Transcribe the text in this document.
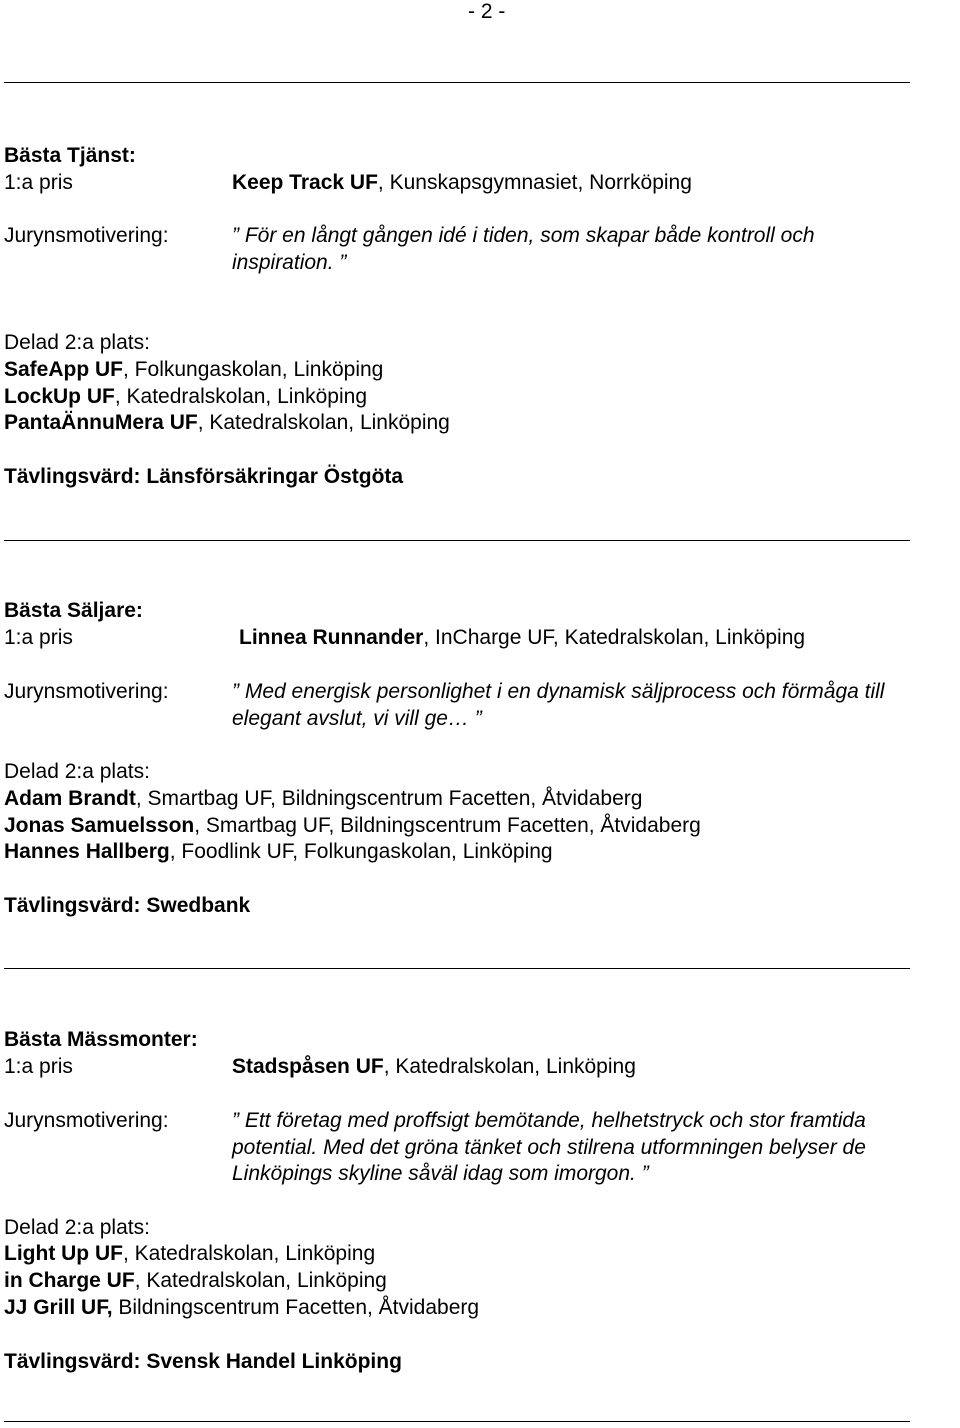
- 2 -
Bästa Tjänst:
1:a pris	Keep Track UF, Kunskapsgymnasiet, Norrköping
Jurynsmotivering:	” För en långt gången idé i tiden, som skapar både kontroll och
inspiration. ”
Delad 2:a plats:
SafeApp UF, Folkungaskolan, Linköping
LockUp UF, Katedralskolan, Linköping
PantaÄnnuMera UF, Katedralskolan, Linköping
Tävlingsvärd: Länsförsäkringar Östgöta
Bästa Säljare:
1:a pris	Linnea Runnander, InCharge UF, Katedralskolan, Linköping
Jurynsmotivering:	” Med energisk personlighet i en dynamisk säljprocess och förmåga till
elegant avslut, vi vill ge… ”
Delad 2:a plats:
Adam Brandt, Smartbag UF, Bildningscentrum Facetten, Åtvidaberg
Jonas Samuelsson, Smartbag UF, Bildningscentrum Facetten, Åtvidaberg
Hannes Hallberg, Foodlink UF, Folkungaskolan, Linköping
Tävlingsvärd: Swedbank
Bästa Mässmonter:
1:a pris	Stadspåsen UF, Katedralskolan, Linköping
Jurynsmotivering:	” Ett företag med proffsigt bemötande, helhetstryck och stor framtida
potential. Med det gröna tänket och stilrena utformningen belyser de
Linköpings skyline såväl idag som imorgon. ”
Delad 2:a plats:
Light Up UF, Katedralskolan, Linköping
in Charge UF, Katedralskolan, Linköping
JJ Grill UF, Bildningscentrum Facetten, Åtvidaberg
Tävlingsvärd: Svensk Handel Linköping
